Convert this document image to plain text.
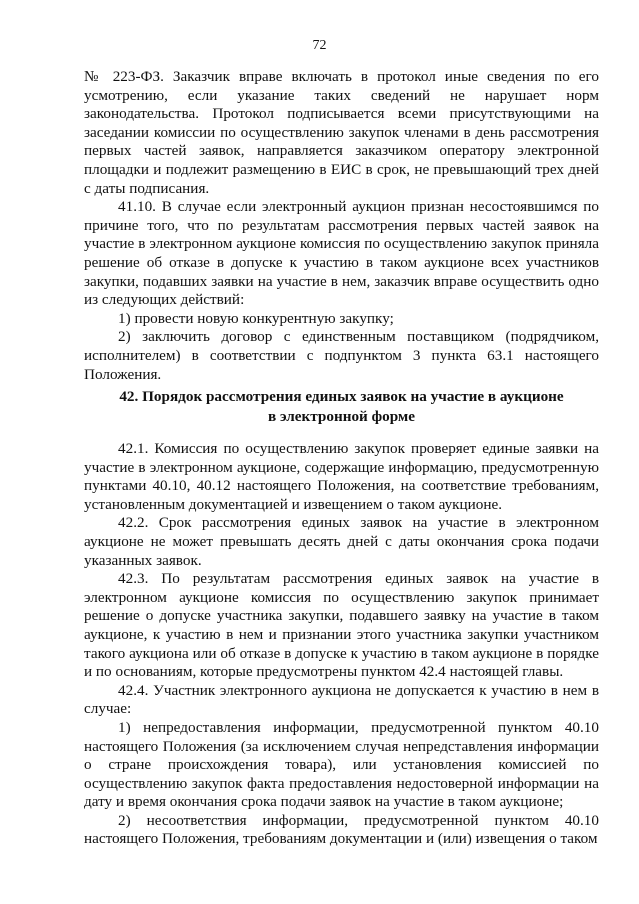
72

№ 223-ФЗ. Заказчик вправе включать в протокол иные сведения по его усмотрению, если указание таких сведений не нарушает норм законодательства. Протокол подписывается всеми присутствующими на заседании комиссии по осуществлению закупок членами в день рассмотрения первых частей заявок, направляется заказчиком оператору электронной площадки и подлежит размещению в ЕИС в срок, не превышающий трех дней с даты подписания.

41.10. В случае если электронный аукцион признан несостоявшимся по причине того, что по результатам рассмотрения первых частей заявок на участие в электронном аукционе комиссия по осуществлению закупок приняла решение об отказе в допуске к участию в таком аукционе всех участников закупки, подавших заявки на участие в нем, заказчик вправе осуществить одно из следующих действий:

1) провести новую конкурентную закупку;

2) заключить договор с единственным поставщиком (подрядчиком, исполнителем) в соответствии с подпунктом 3 пункта 63.1 настоящего Положения.

42. Порядок рассмотрения единых заявок на участие в аукционе

в электронной форме

42.1. Комиссия по осуществлению закупок проверяет единые заявки на участие в электронном аукционе, содержащие информацию, предусмотренную пунктами 40.10, 40.12 настоящего Положения, на соответствие требованиям, установленным документацией и извещением о таком аукционе.

42.2. Срок рассмотрения единых заявок на участие в электронном аукционе не может превышать десять дней с даты окончания срока подачи указанных заявок.

42.3. По результатам рассмотрения единых заявок на участие в электронном аукционе комиссия по осуществлению закупок принимает решение о допуске участника закупки, подавшего заявку на участие в таком аукционе, к участию в нем и признании этого участника закупки участником такого аукциона или об отказе в допуске к участию в таком аукционе в порядке и по основаниям, которые предусмотрены пунктом 42.4 настоящей главы.

42.4. Участник электронного аукциона не допускается к участию в нем в случае:

1) непредоставления информации, предусмотренной пунктом 40.10 настоящего Положения (за исключением случая непредставления информации о стране происхождения товара), или установления комиссией по осуществлению закупок факта предоставления недостоверной информации на дату и время окончания срока подачи заявок на участие в таком аукционе;

2) несоответствия информации, предусмотренной пунктом 40.10 настоящего Положения, требованиям документации и (или) извещения о таком
